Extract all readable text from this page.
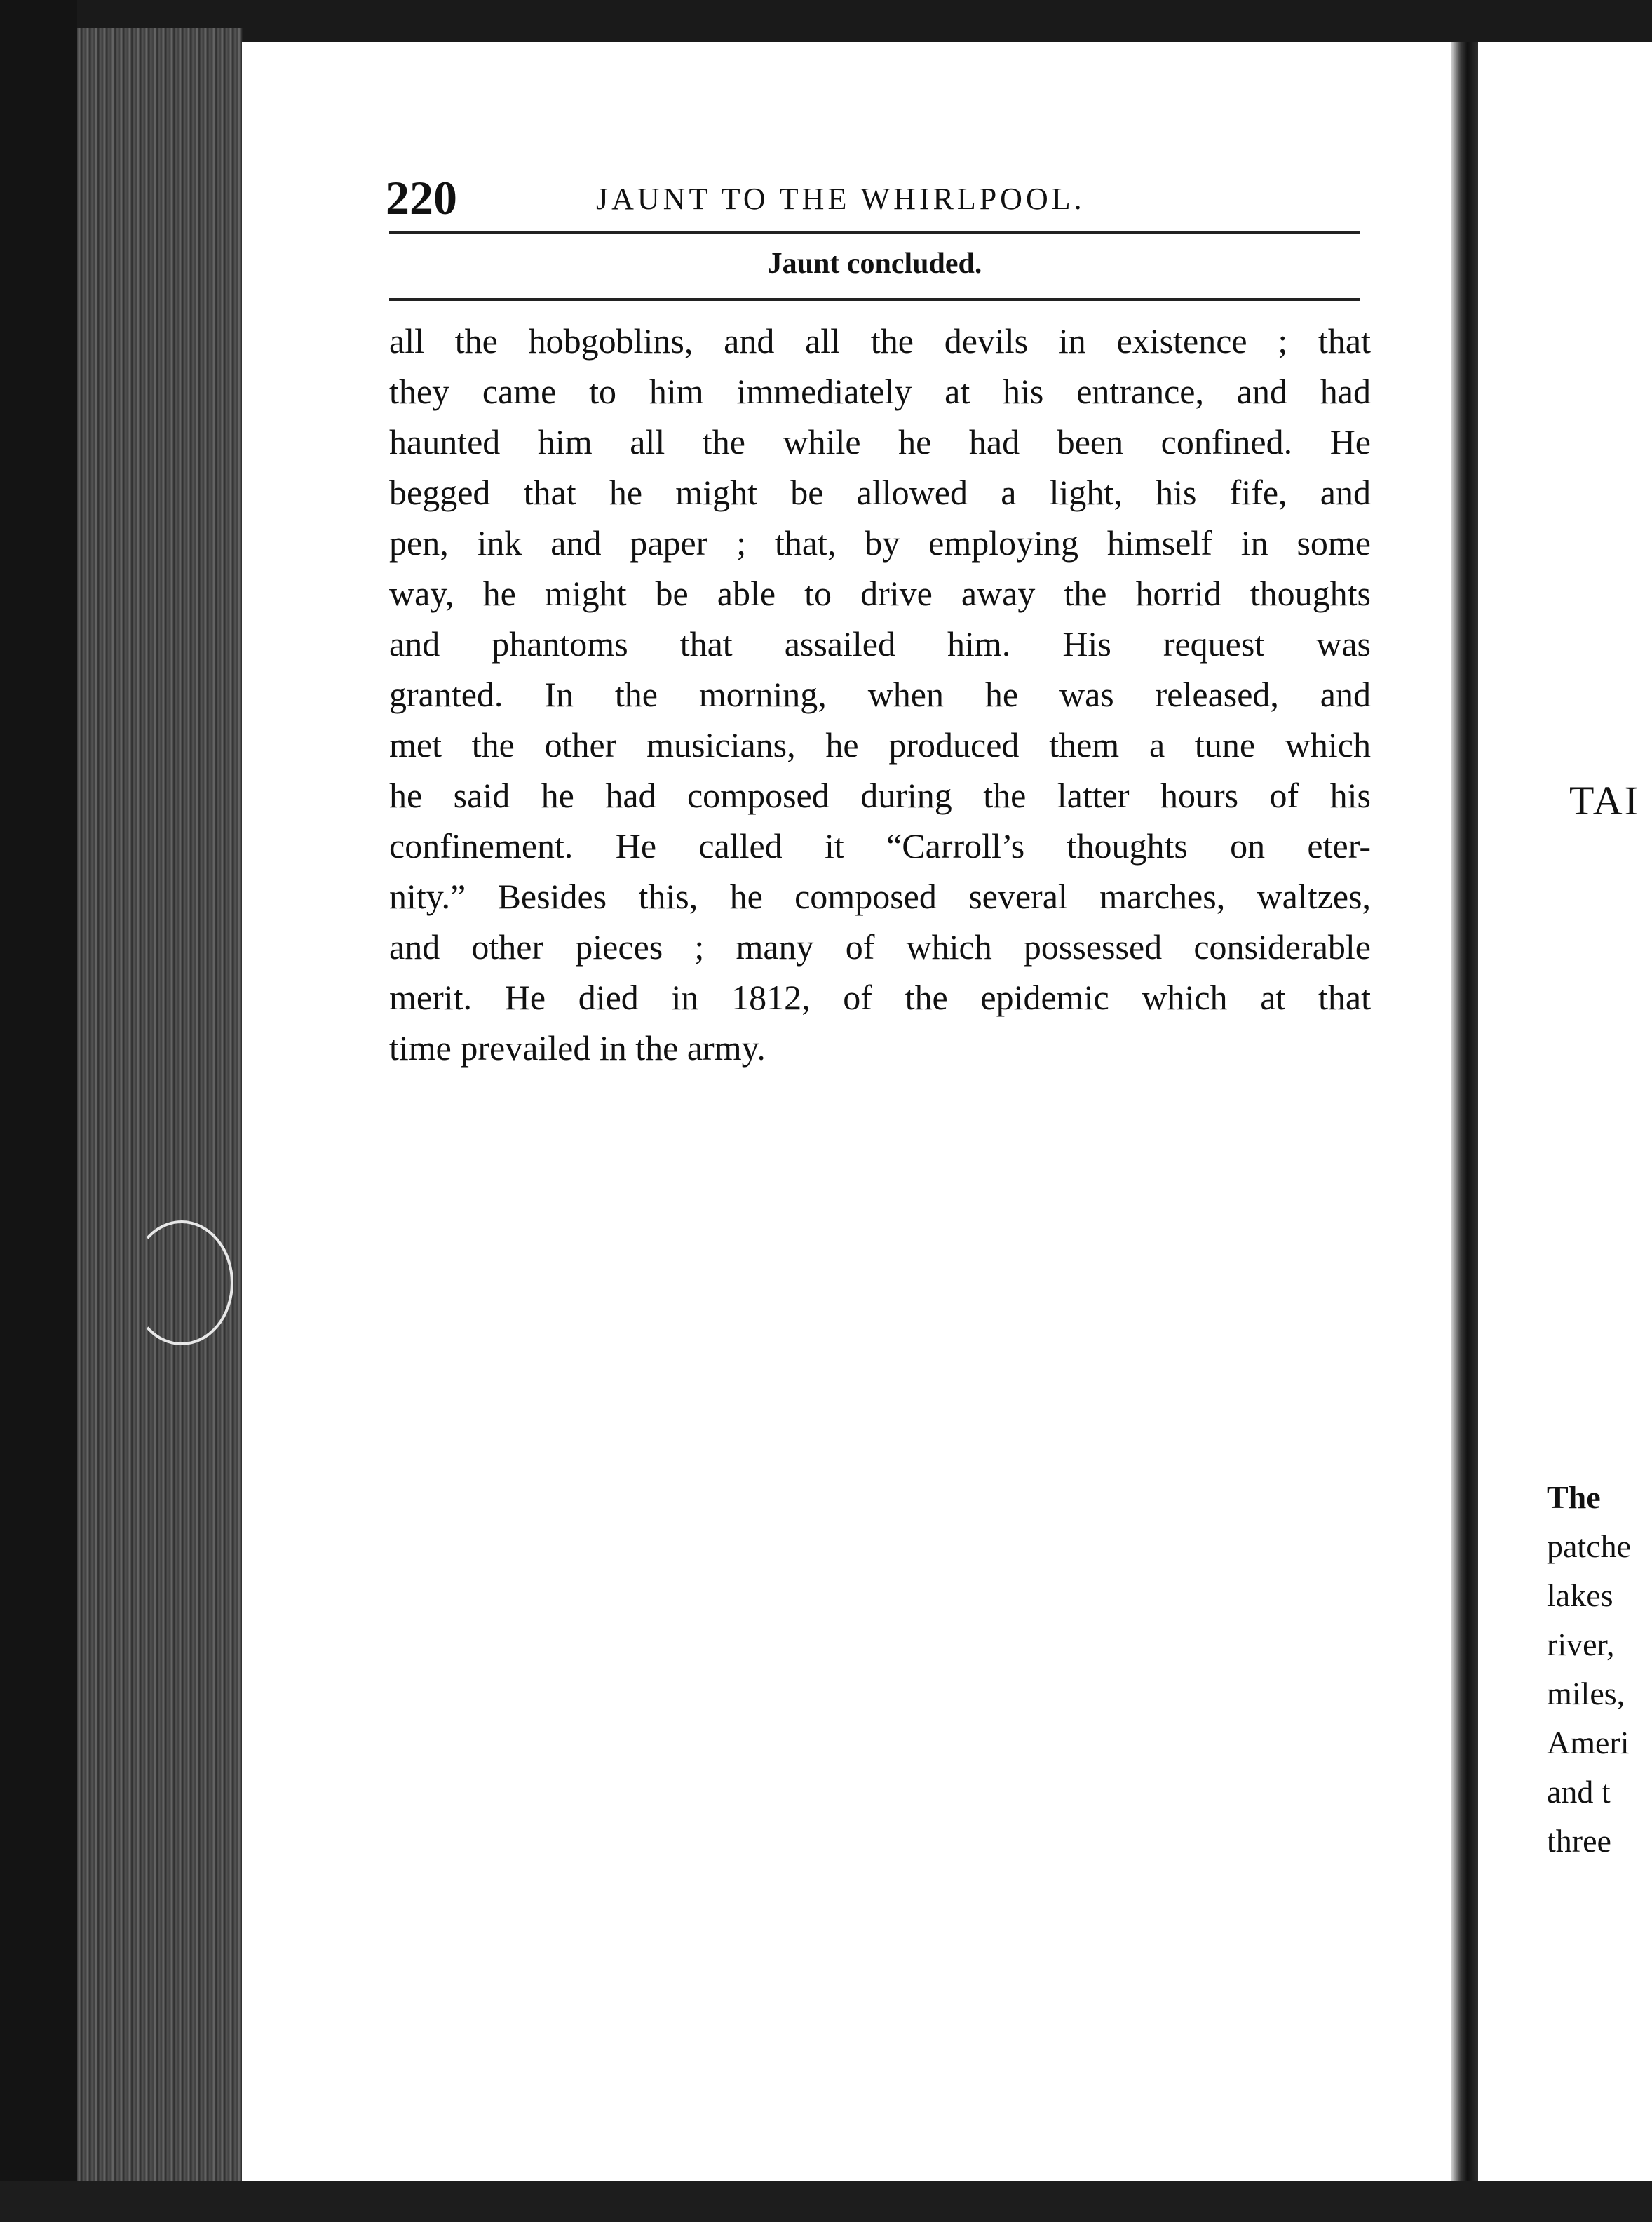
220	JAUNT TO THE WHIRLPOOL.
Jaunt concluded.
all the hobgoblins, and all the devils in existence ; that
they came to him immediately at his entrance, and had
haunted him all the while he had been confined. He
begged that he might be allowed a light, his fife, and
pen, ink and paper ; that, by employing himself in some
way, he might be able to drive away the horrid thoughts
and phantoms that assailed him. His request was
granted. In the morning, when he was released, and
met the other musicians, he produced them a tune which
he said he had composed during the latter hours of his
confinement. He called it “Carroll’s thoughts on eter-
nity.” Besides this, he composed several marches, waltzes,
and other pieces ; many of which possessed considerable
merit. He died in 1812, of the epidemic which at that
time prevailed in the army.
TAI
The
patche
lakes
river,
miles,
Ameri
and t
three
